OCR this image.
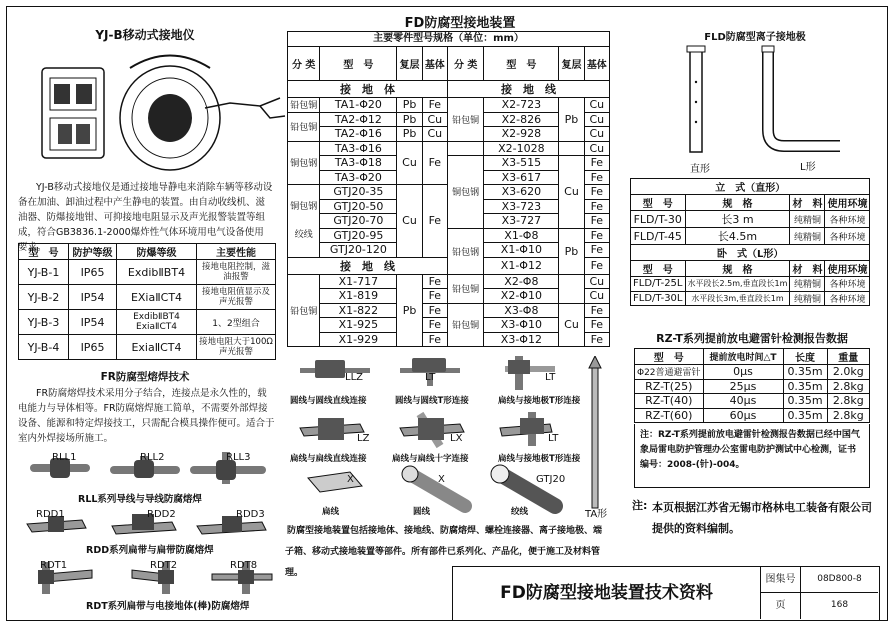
YJ-B移动式接地仪
YJ-B移动式接地仪是通过接地导静电来消除车辆等移动设备在加油、卸油过程中产生静电的装置。由自动收线机、滋油器、防爆接地钳、可抑接地电阻显示及声光报警装置等组成，符合GB3836.1-2000爆炸性气体环境用电气设备使用要求。
型　号	防护等级	防爆等级	主要性能
YJ-B-1	IP65	ExdibⅡBT4	接地电阻控制，滋油报警
YJ-B-2	IP54	EXiaⅡCT4	接地电阻值显示及声光报警
YJ-B-3	IP54	ExdibⅡBT4 ExiaⅡCT4	1、2型组合
YJ-B-4	IP65	ExiaⅡCT4	接地电阻大于100Ω声光报警
FR防腐型熔焊技术
FR防腐熔焊技术采用分子结合，连接点是永久性的，载电能力与导体相等。FR防腐熔焊施工简单，不需要外部焊接设备、能源和特定焊接技工，只需配合模具操作便可。适合于室内外焊接场所施工。
RLL1	RLL2	RLL3
RLL系列导线与导线防腐熔焊
RDD1	RDD2	RDD3
RDD系列扁带与扁带防腐熔焊
RDT1	RDT2	RDT8
RDT系列扁带与电接地体(棒)防腐熔焊
FD防腐型接地装置
主要零件型号规格（单位：mm）
分 类	型　号	复层	基体	分 类	型　号	复层	基体
接　地　体				接　地　线			
铅包铜	TA1-Φ20	Pb	Fe	铅包铜	X2-723	Pb	Cu
铅包铜	TA2-Φ12	Pb	Cu		X2-826		Cu
	TA2-Φ16	Pb	Cu		X2-928		Cu
铜包钢	TA3-Φ16	Cu	Fe		X2-1028		Cu
	TA3-Φ18			铜包钢	X3-515	Cu	Fe
	TA3-Φ20				X3-617		Fe
铜包钢

绞线	GTJ20-35	Cu	Fe		X3-620		Fe
	GTJ20-50				X3-723		Fe
	GTJ20-70				X3-727		Fe
	GTJ20-95			铅包钢	X1-Φ8	Pb	Fe
	GTJ20-120				X1-Φ10		Fe
接　地　线					X1-Φ12		Fe
铅包铜	X1-717	Pb	Fe	铅包铜	X2-Φ8		Cu
	X1-819		Fe		X2-Φ10		Cu
	X1-822		Fe	铅包铜	X3-Φ8	Cu	Fe
	X1-925		Fe		X3-Φ10		Fe
	X1-929		Fe		X3-Φ12		Fe
LLZ	LT	LT
圆线与圆线直线连接	圆线与圆线T形连接	扁线与接地极T形连接
LZ	LX	LT
扁线与扁线直线连接	扁线与扁线十字连接	扁线与接地极T形连接
X	X	GTJ20
TA形
扁线	圆线	绞线
防腐型接地装置包括接地体、接地线、防腐熔焊、螺栓连接器、离子接地极、端子箱、移动式接地装置等部件。所有部件已系列化、产品化，便于施工及材料管理。
FLD防腐型离子接地极
直形	L形
立　式（直形）			
型　号	规　格	材　料	使用环境
FLD/T-30	长3 m	纯精铜	各种环境
FLD/T-45	长4.5m	纯精铜	各种环境
卧　式（L形）			
型　号	规　格	材　料	使用环境
FLD/T-25L	水平段长2.5m,垂直段长1m	纯精铜	各种环境
FLD/T-30L	水平段长3m,垂直段长1m	纯精铜	各种环境
RZ-T系列提前放电避雷针检测报告数据
型　号	提前放电时间△T	长度	重量
Φ22普通避雷针	0μs	0.35m	2.0kg
RZ-T(25)	25μs	0.35m	2.8kg
RZ-T(40)	40μs	0.35m	2.8kg
RZ-T(60)	60μs	0.35m	2.8kg
注：RZ-T系列提前放电避雷针检测报告数据已经中国气象局雷电防护管理办公室雷电防护测试中心检测，证书编号：2008-(针)-004。
注: 本页根据江苏省无锡市格林电工装备有限公司提供的资料编制。
FD防腐型接地装置技术资料
图集号	08D800-8
页	168
